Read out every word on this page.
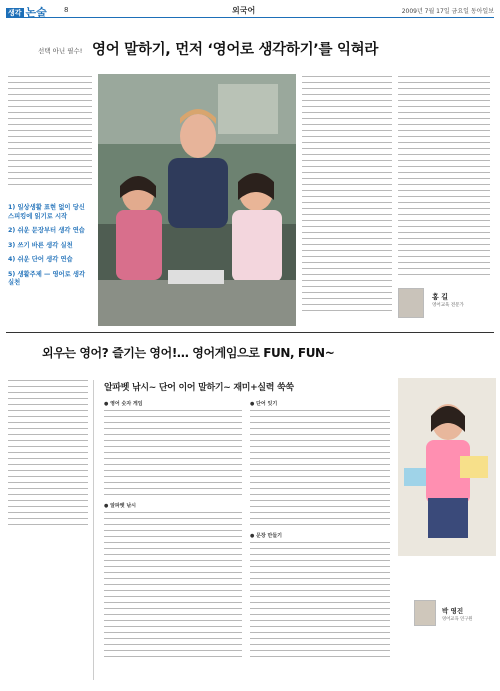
생각 논술 8	외국어	2009년 7월 17일 금요일 동아일보
선택 아닌 필수! 영어 말하기, 먼저 ‘영어로 생각하기’를 익혀라
1) 일상생활 표현 없이 당신 스피킹에 읽기로 시작
2) 쉬운 문장부터 생각 연습
3) 쓰기 바른 생각 실천
4) 쉬운 단어 생각 연습
5) 생활주제 — 영어로 생각 실천
홍 길
영어교육 전문가
외우는 영어? 즐기는 영어!… 영어게임으로 FUN, FUN~
알파벳 낚시~ 단어 이어 말하기~ 재미+실력 쑥쑥
● 영어 숫자 게임
● 알파벳 낚시
● 단어 잇기
● 문장 만들기
박 영진
영어교육 연구원
